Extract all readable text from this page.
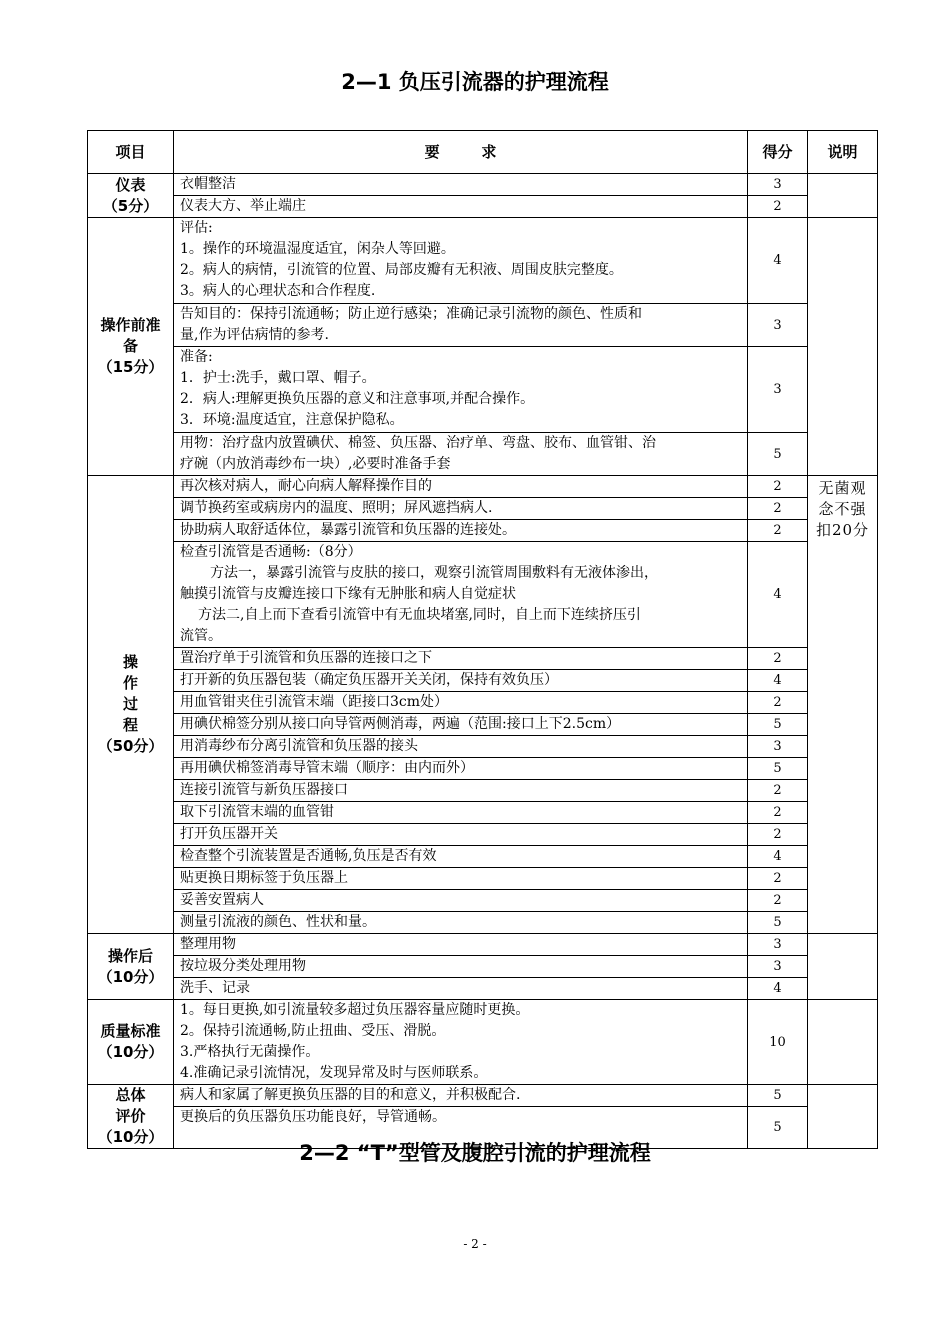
2—1 负压引流器的护理流程
项目	要        求	得分	说明

仪表
（5分）	衣帽整洁	3	

	仪表大方、举止端庄	2	

操作前准
备
（15分）	评估:
1。操作的环境温湿度适宜，闲杂人等回避。
2。病人的病情，引流管的位置、局部皮瓣有无积液、周围皮肤完整度。
3。病人的心理状态和合作程度.	4	

	告知目的：保持引流通畅；防止逆行感染；准确记录引流物的颜色、性质和
量,作为评估病情的参考.	3	

	准备:
1．护士:洗手，戴口罩、帽子。
2．病人:理解更换负压器的意义和注意事项,并配合操作。
3．环境:温度适宜，注意保护隐私。	3	

	用物：治疗盘内放置碘伏、棉签、负压器、治疗单、弯盘、胶布、血管钳、治
疗碗（内放消毒纱布一块）,必要时准备手套	5	

操
作
过
程
（50分）	再次核对病人，耐心向病人解释操作目的	2	无菌观念不强扣20分

	调节换药室或病房内的温度、照明；屏风遮挡病人.	2	

	协助病人取舒适体位，暴露引流管和负压器的连接处。	2	

	检查引流管是否通畅:（8分）
方法一，暴露引流管与皮肤的接口，观察引流管周围敷料有无液体渗出，
触摸引流管与皮瓣连接口下缘有无肿胀和病人自觉症状
方法二,自上而下查看引流管中有无血块堵塞,同时，自上而下连续挤压引
流管。	4	

	置治疗单于引流管和负压器的连接口之下	2	

	打开新的负压器包装（确定负压器开关关闭，保持有效负压）	4	

	用血管钳夹住引流管末端（距接口3cm处）	2	

	用碘伏棉签分别从接口向导管两侧消毒，两遍（范围:接口上下2.5cm）	5	

	用消毒纱布分离引流管和负压器的接头	3	

	再用碘伏棉签消毒导管末端（顺序：由内而外）	5	

	连接引流管与新负压器接口	2	

	取下引流管末端的血管钳	2	

	打开负压器开关	2	

	检查整个引流装置是否通畅,负压是否有效	4	

	贴更换日期标签于负压器上	2	

	妥善安置病人	2	

	测量引流液的颜色、性状和量。	5	

操作后
（10分）	整理用物	3	

	按垃圾分类处理用物	3	

	洗手、记录	4	

质量标准
（10分）	1。每日更换,如引流量较多超过负压器容量应随时更换。
2。保持引流通畅,防止扭曲、受压、滑脱。
3.严格执行无菌操作。
4.准确记录引流情况，发现异常及时与医师联系。	10	

总体
评价
（10分）	病人和家属了解更换负压器的目的和意义，并积极配合.	5	

	更换后的负压器负压功能良好，导管通畅。	5	
2—2 “T”型管及腹腔引流的护理流程
- 2 -
